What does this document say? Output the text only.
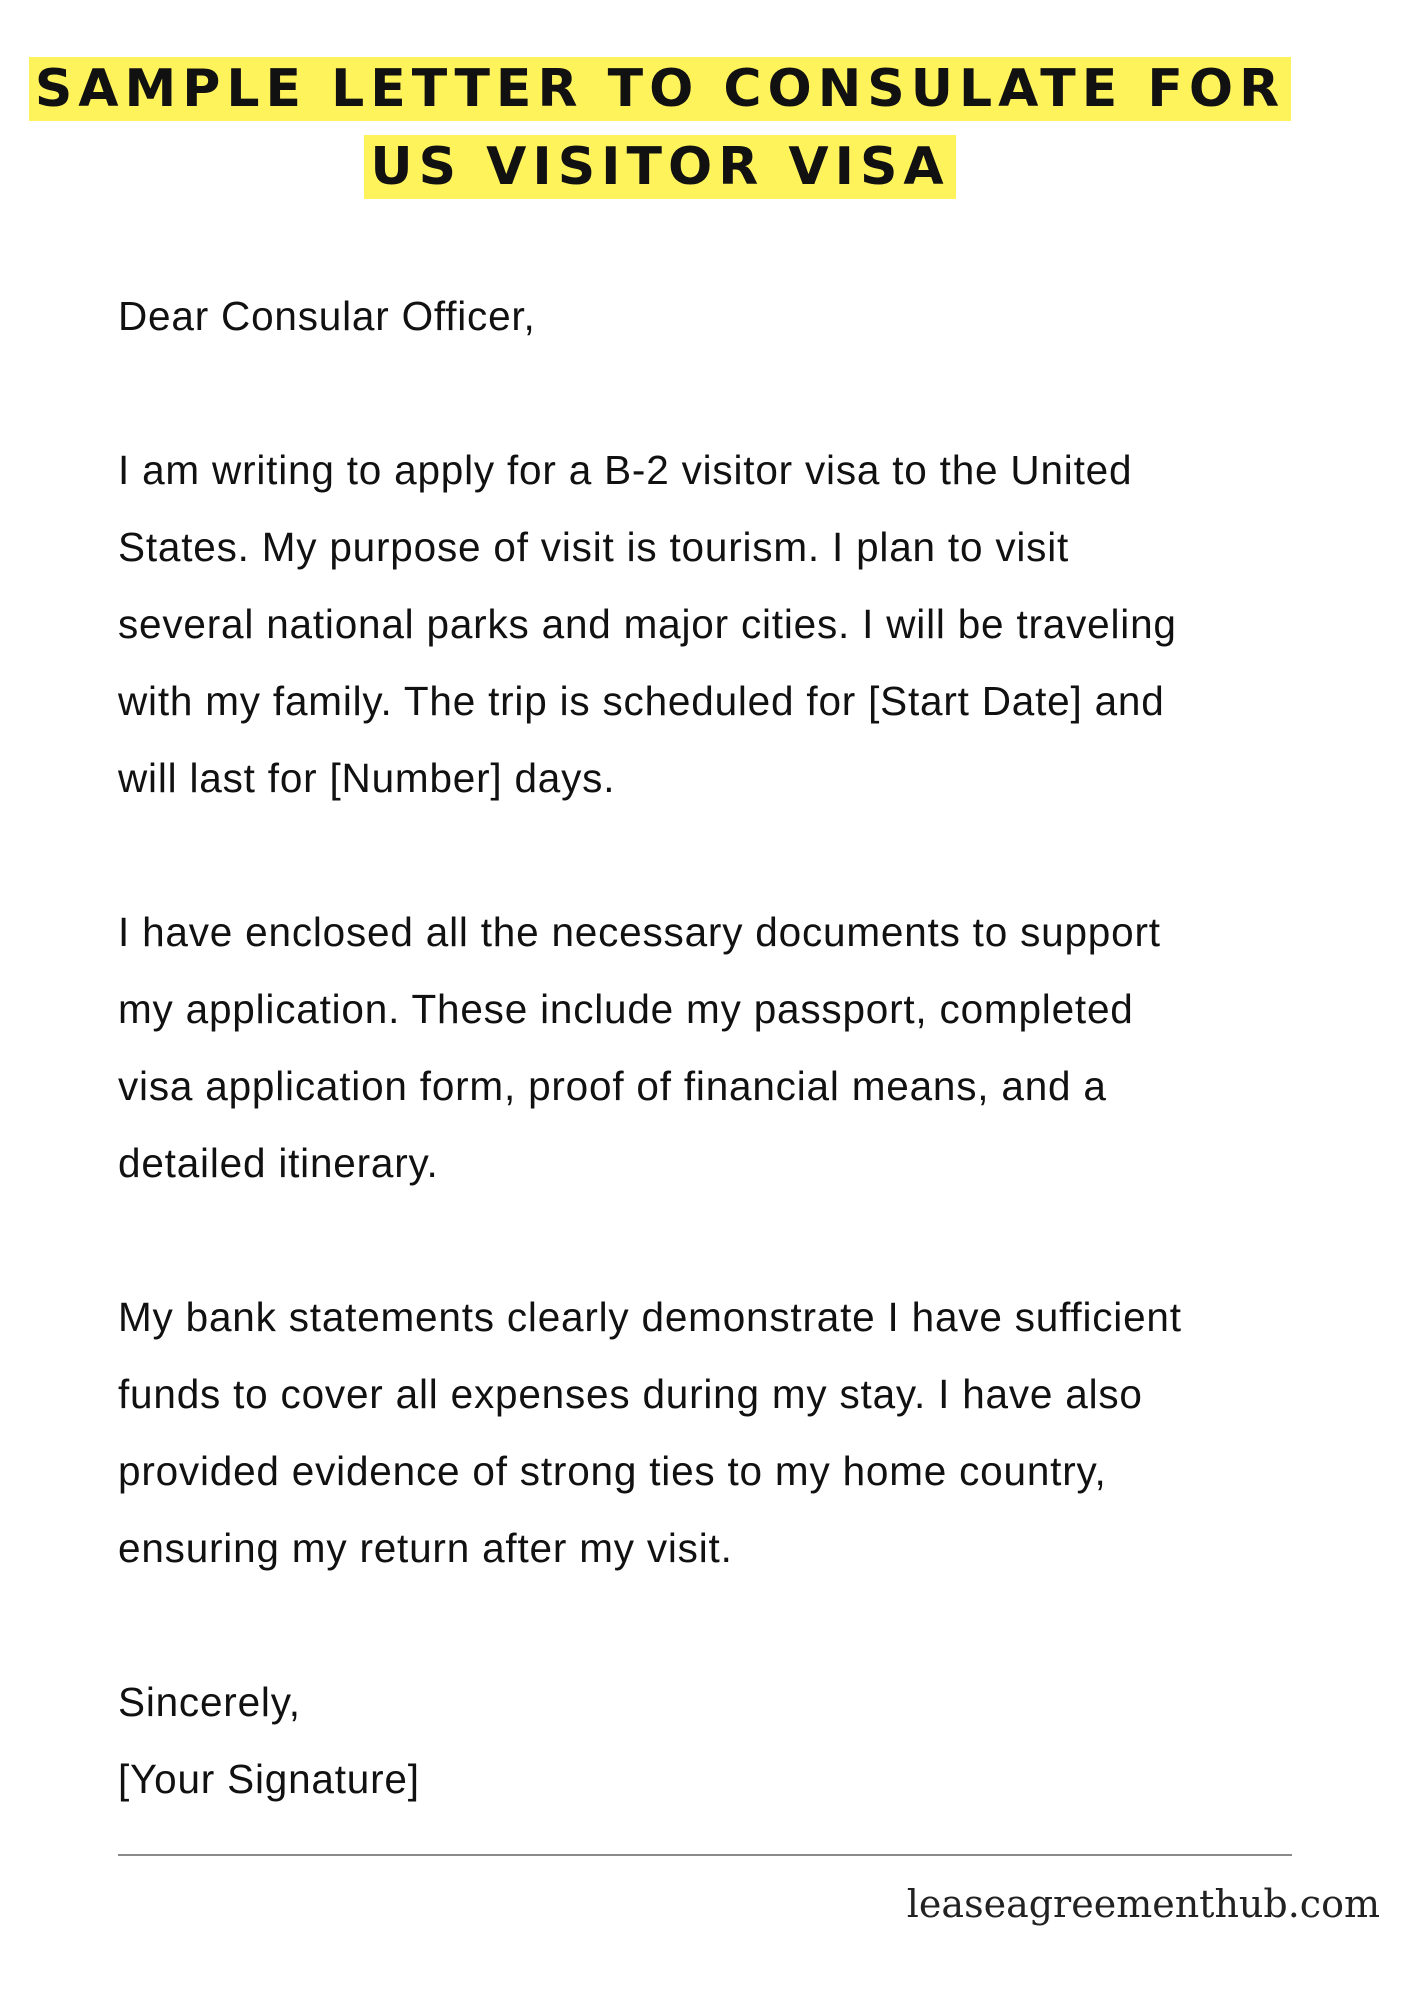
SAMPLE LETTER TO CONSULATE FOR
US VISITOR VISA

Dear Consular Officer,

I am writing to apply for a B-2 visitor visa to the United

States. My purpose of visit is tourism. I plan to visit

several national parks and major cities. I will be traveling

with my family. The trip is scheduled for [Start Date] and

will last for [Number] days.

I have enclosed all the necessary documents to support

my application. These include my passport, completed

visa application form, proof of financial means, and a

detailed itinerary.

My bank statements clearly demonstrate I have sufficient

funds to cover all expenses during my stay. I have also

provided evidence of strong ties to my home country,

ensuring my return after my visit.

Sincerely,

[Your Signature]

leaseagreementhub.com
